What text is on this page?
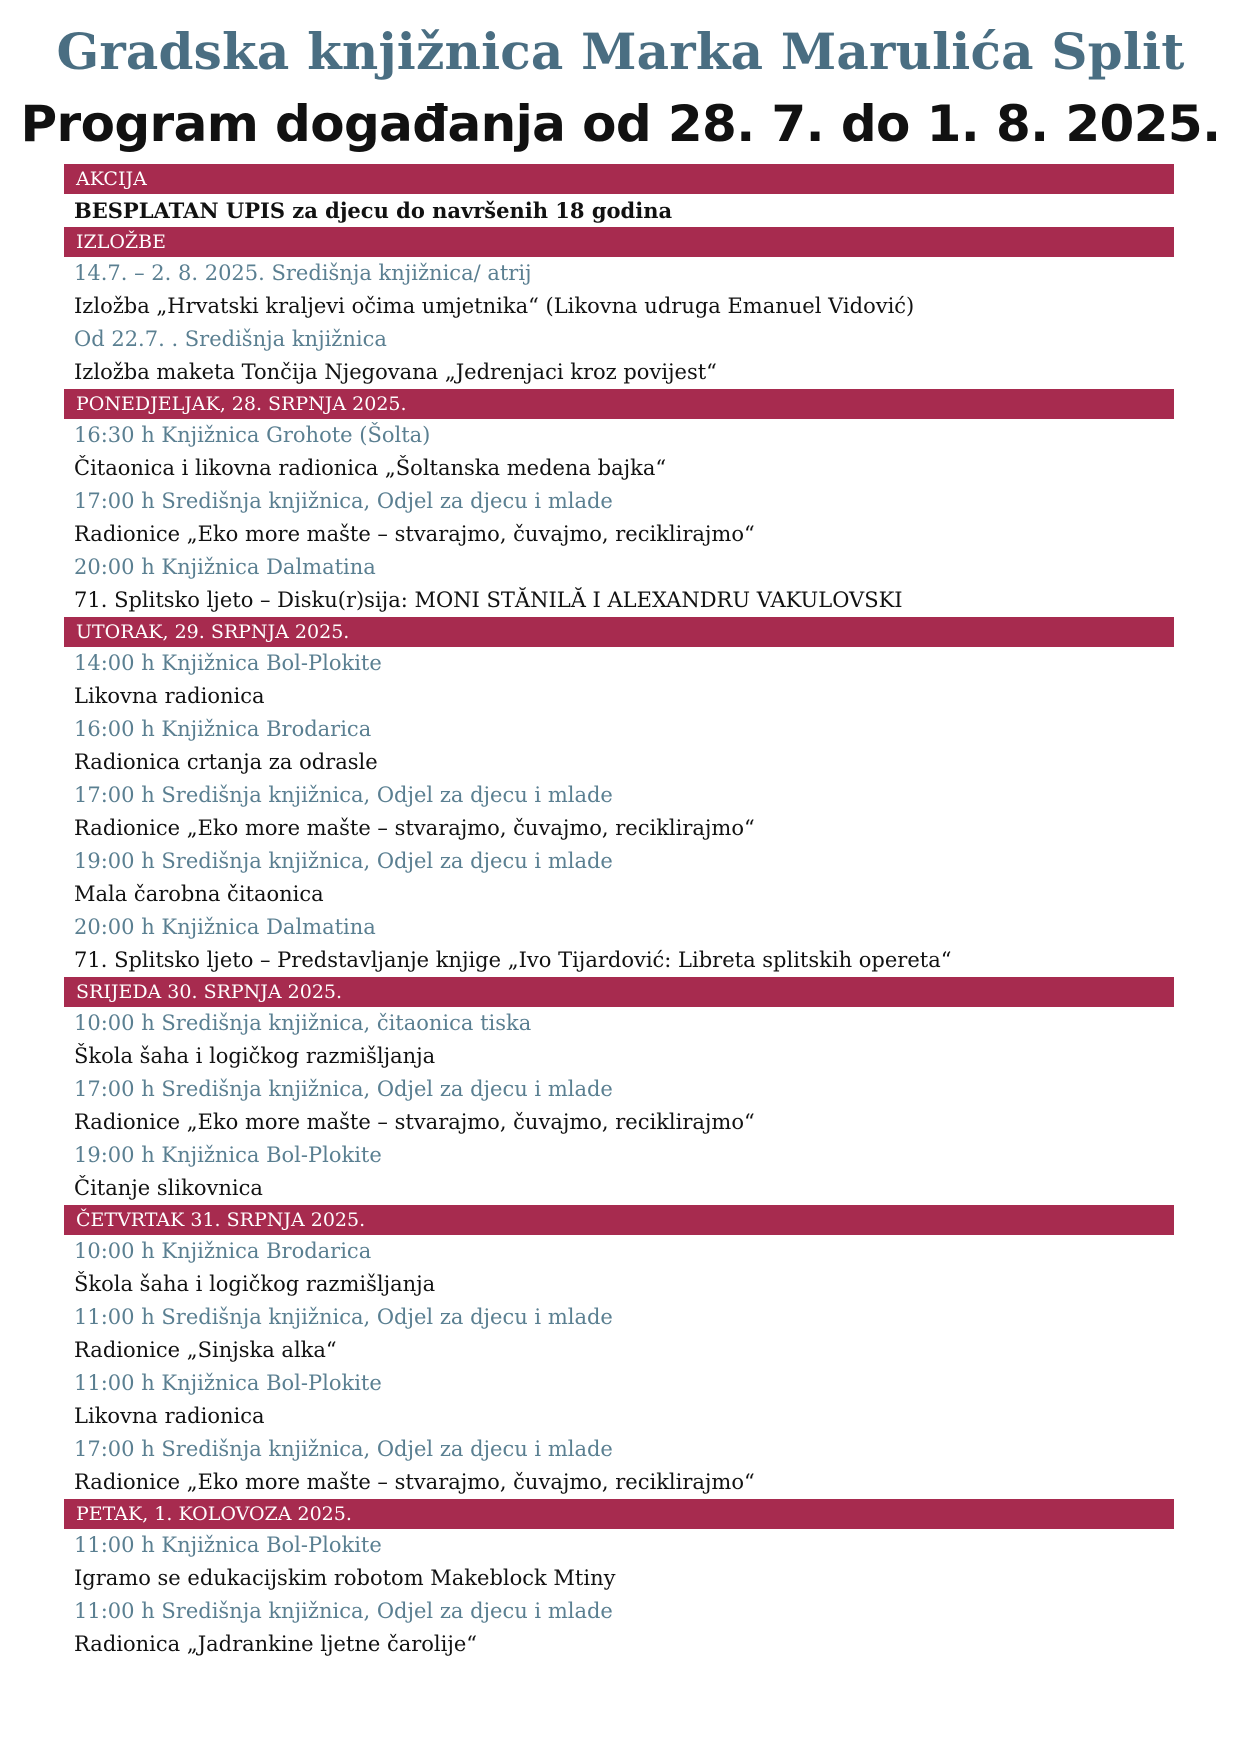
Gradska knjižnica Marka Marulića Split
Program događanja od 28. 7. do 1. 8. 2025.
AKCIJA
BESPLATAN UPIS za djecu do navršenih 18 godina
IZLOŽBE
14.7. – 2. 8. 2025. Središnja knjižnica/ atrij
Izložba „Hrvatski kraljevi očima umjetnika“ (Likovna udruga Emanuel Vidović)
Od 22.7. . Središnja knjižnica
Izložba maketa Tončija Njegovana „Jedrenjaci kroz povijest“
PONEDJELJAK, 28. SRPNJA 2025.
16:30 h Knjižnica Grohote (Šolta)
Čitaonica i likovna radionica „Šoltanska medena bajka“
17:00 h Središnja knjižnica, Odjel za djecu i mlade
Radionice „Eko more mašte – stvarajmo, čuvajmo, reciklirajmo“
20:00 h Knjižnica Dalmatina
71. Splitsko ljeto – Disku(r)sija: MONI STĂNILĂ I ALEXANDRU VAKULOVSKI
UTORAK, 29. SRPNJA 2025.
14:00 h Knjižnica Bol-Plokite
Likovna radionica
16:00 h Knjižnica Brodarica
Radionica crtanja za odrasle
17:00 h Središnja knjižnica, Odjel za djecu i mlade
Radionice „Eko more mašte – stvarajmo, čuvajmo, reciklirajmo“
19:00 h Središnja knjižnica, Odjel za djecu i mlade
Mala čarobna čitaonica
20:00 h Knjižnica Dalmatina
71. Splitsko ljeto – Predstavljanje knjige „Ivo Tijardović: Libreta splitskih opereta“
SRIJEDA 30. SRPNJA 2025.
10:00 h Središnja knjižnica, čitaonica tiska
Škola šaha i logičkog razmišljanja
17:00 h Središnja knjižnica, Odjel za djecu i mlade
Radionice „Eko more mašte – stvarajmo, čuvajmo, reciklirajmo“
19:00 h Knjižnica Bol-Plokite
Čitanje slikovnica
ČETVRTAK 31. SRPNJA 2025.
10:00 h Knjižnica Brodarica
Škola šaha i logičkog razmišljanja
11:00 h Središnja knjižnica, Odjel za djecu i mlade
Radionice „Sinjska alka“
11:00 h Knjižnica Bol-Plokite
Likovna radionica
17:00 h Središnja knjižnica, Odjel za djecu i mlade
Radionice „Eko more mašte – stvarajmo, čuvajmo, reciklirajmo“
PETAK, 1. KOLOVOZA 2025.
11:00 h Knjižnica Bol-Plokite
Igramo se edukacijskim robotom Makeblock Mtiny
11:00 h Središnja knjižnica, Odjel za djecu i mlade
Radionica „Jadrankine ljetne čarolije“
